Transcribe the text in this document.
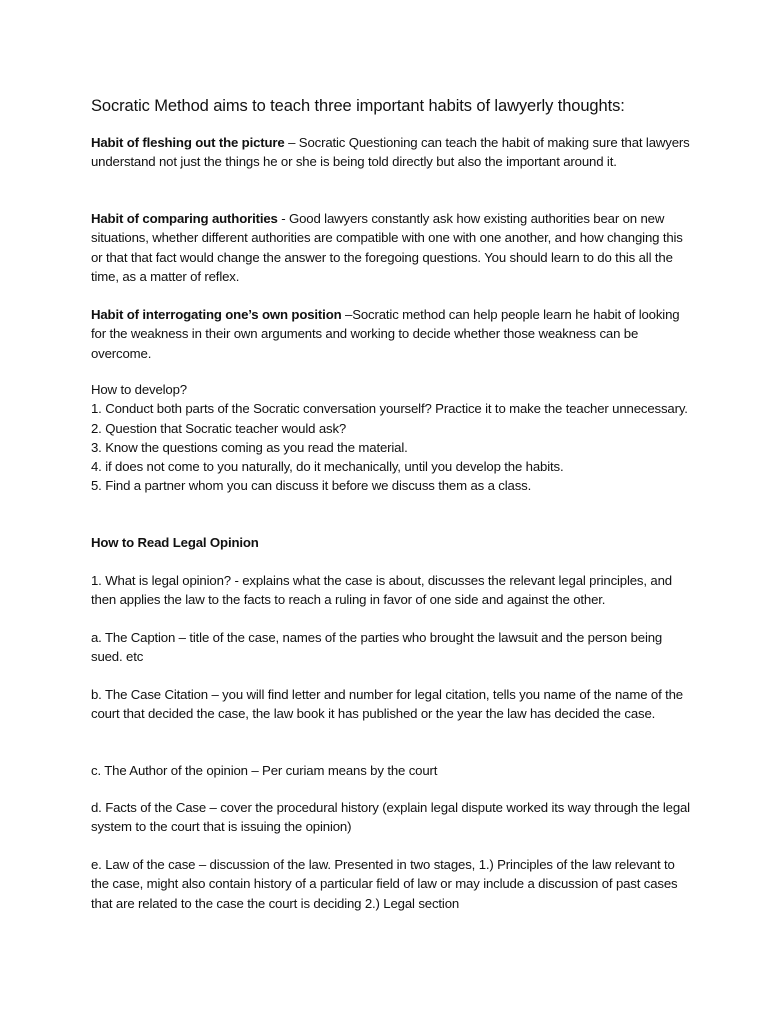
Socratic Method aims to teach three important habits of lawyerly thoughts:

Habit of fleshing out the picture – Socratic Questioning can teach the habit of making sure that lawyers understand not just the things he or she is being told directly but also the important around it.

Habit of comparing authorities - Good lawyers constantly ask how existing authorities bear on new situations, whether different authorities are compatible with one with one another, and how changing this or that that fact would change the answer to the foregoing questions. You should learn to do this all the time, as a matter of reflex.

Habit of interrogating one’s own position –Socratic method can help people learn he habit of looking for the weakness in their own arguments and working to decide whether those weakness can be overcome.

How to develop?
1. Conduct both parts of the Socratic conversation yourself? Practice it to make the teacher unnecessary.
2. Question that Socratic teacher would ask?
3. Know the questions coming as you read the material.
4. if does not come to you naturally, do it mechanically, until you develop the habits.
5. Find a partner whom you can discuss it before we discuss them as a class.

How to Read Legal Opinion

1. What is legal opinion? - explains what the case is about, discusses the relevant legal principles, and then applies the law to the facts to reach a ruling in favor of one side and against the other.

a. The Caption – title of the case, names of the parties who brought the lawsuit and the person being sued. etc

b. The Case Citation – you will find letter and number for legal citation, tells you name of the name of the court that decided the case, the law book it has published or the year the law has decided the case.

c. The Author of the opinion – Per curiam means by the court

d. Facts of the Case – cover the procedural history (explain legal dispute worked its way through the legal system to the court that is issuing the opinion)

e. Law of the case – discussion of the law. Presented in two stages, 1.) Principles of the law relevant to the case, might also contain history of a particular field of law or may include a discussion of past cases that are related to the case the court is deciding 2.) Legal section
